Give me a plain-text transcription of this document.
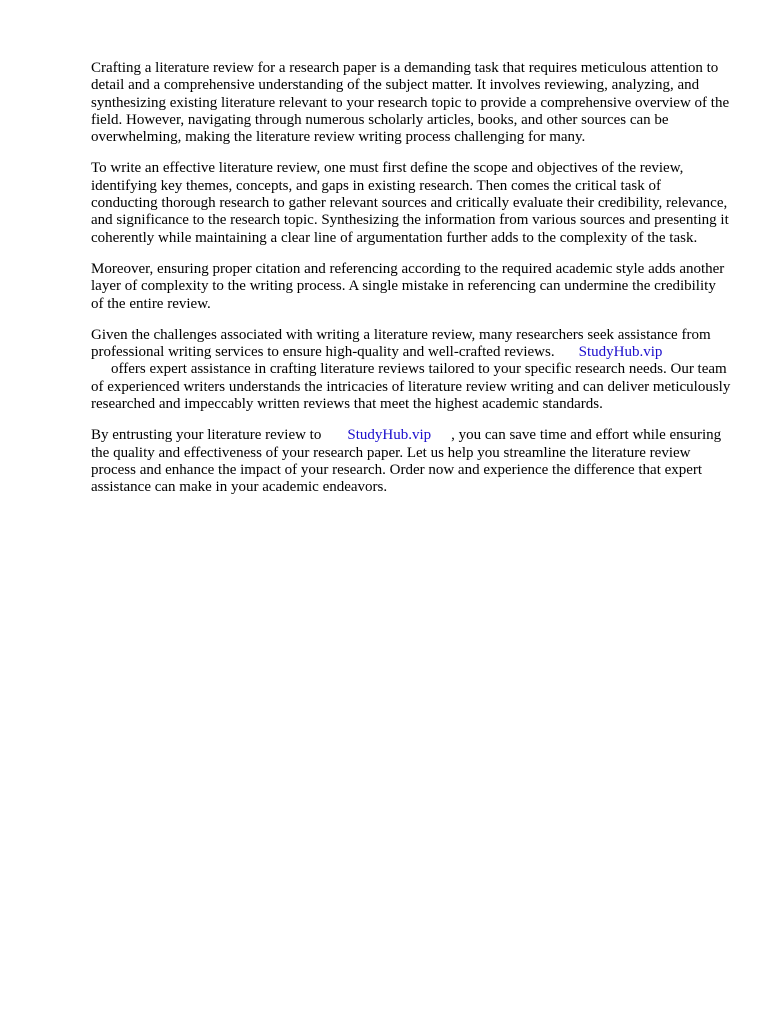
Crafting a literature review for a research paper is a demanding task that requires meticulous attention to detail and a comprehensive understanding of the subject matter. It involves reviewing, analyzing, and synthesizing existing literature relevant to your research topic to provide a comprehensive overview of the field. However, navigating through numerous scholarly articles, books, and other sources can be overwhelming, making the literature review writing process challenging for many.

To write an effective literature review, one must first define the scope and objectives of the review, identifying key themes, concepts, and gaps in existing research. Then comes the critical task of conducting thorough research to gather relevant sources and critically evaluate their credibility, relevance, and significance to the research topic. Synthesizing the information from various sources and presenting it coherently while maintaining a clear line of argumentation further adds to the complexity of the task.

Moreover, ensuring proper citation and referencing according to the required academic style adds another layer of complexity to the writing process. A single mistake in referencing can undermine the credibility of the entire review.

Given the challenges associated with writing a literature review, many researchers seek assistance from professional writing services to ensure high-quality and well-crafted reviews. StudyHub.vip
offers expert assistance in crafting literature reviews tailored to your specific research needs. Our team of experienced writers understands the intricacies of literature review writing and can deliver meticulously researched and impeccably written reviews that meet the highest academic standards.

By entrusting your literature review to StudyHub.vip , you can save time and effort while ensuring the quality and effectiveness of your research paper. Let us help you streamline the literature review process and enhance the impact of your research. Order now and experience the difference that expert assistance can make in your academic endeavors.
